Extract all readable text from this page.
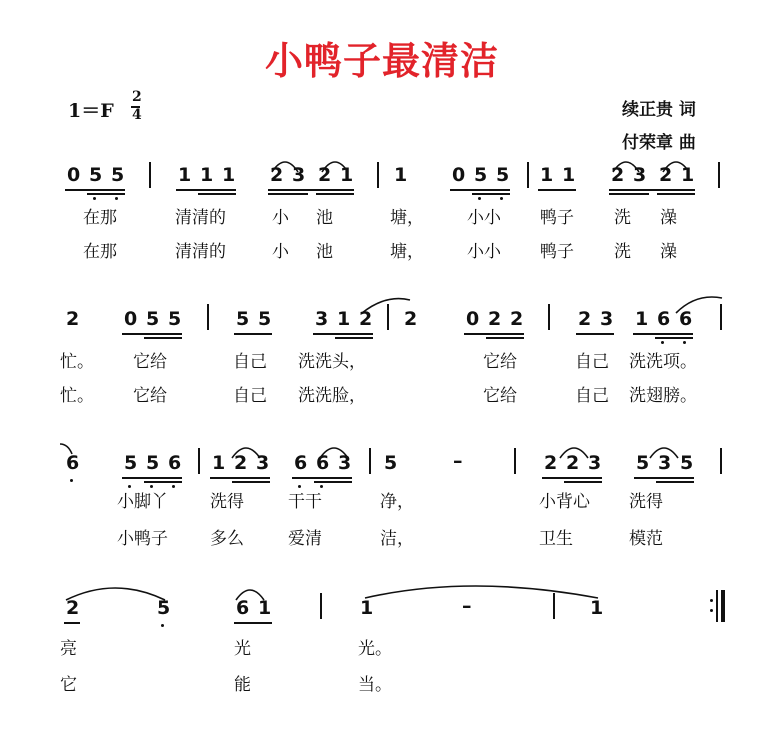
小鸭子最清洁
1＝F
2
4	续正贵 词
付荣章 曲
0 5 5	1 1 1 2 3 2 1 1 0 5 5 1 1 2 3 2 1
在那	清清的	小 池	塘，	小小 鸭子 洗 澡
在那	清清的	小 池	塘，	小小 鸭子 洗 澡
2 0 5 5	5 5 3 1 2 2	0 2 2	2 3 1 6 6
忙。 它给	自己 洗洗头，	它给	自己 洗洗项。
忙。 它给	自己 洗洗脸，	它给	自己 洗翅膀。
6 5 5 6 1 2 3 6 6 3 5	–	2 2 3 5 3 5
小脚丫 洗得	干干	净，	小背心 洗得
小鸭子 多么	爱清	洁，	卫生	模范
2	5	6 1	1	–	1
亮	光	光。
它	能	当。
